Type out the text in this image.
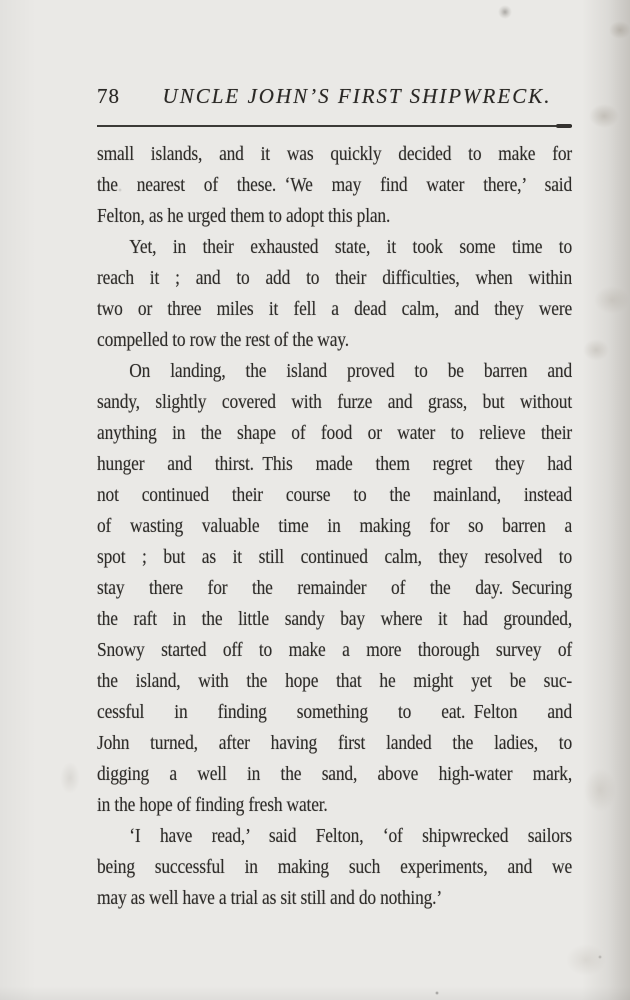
78	UNCLE JOHN’S FIRST SHIPWRECK.
small islands, and it was quickly decided to make for
the nearest of these. ‘We may find water there,’ said
Felton, as he urged them to adopt this plan.
Yet, in their exhausted state, it took some time to
reach it ; and to add to their difficulties, when within
two or three miles it fell a dead calm, and they were
compelled to row the rest of the way.
On landing, the island proved to be barren and
sandy, slightly covered with furze and grass, but without
anything in the shape of food or water to relieve their
hunger and thirst. This made them regret they had
not continued their course to the mainland, instead
of wasting valuable time in making for so barren a
spot ; but as it still continued calm, they resolved to
stay there for the remainder of the day. Securing
the raft in the little sandy bay where it had grounded,
Snowy started off to make a more thorough survey of
the island, with the hope that he might yet be suc-
cessful in finding something to eat. Felton and
John turned, after having first landed the ladies, to
digging a well in the sand, above high-water mark,
in the hope of finding fresh water.
‘I have read,’ said Felton, ‘of shipwrecked sailors
being successful in making such experiments, and we
may as well have a trial as sit still and do nothing.’
